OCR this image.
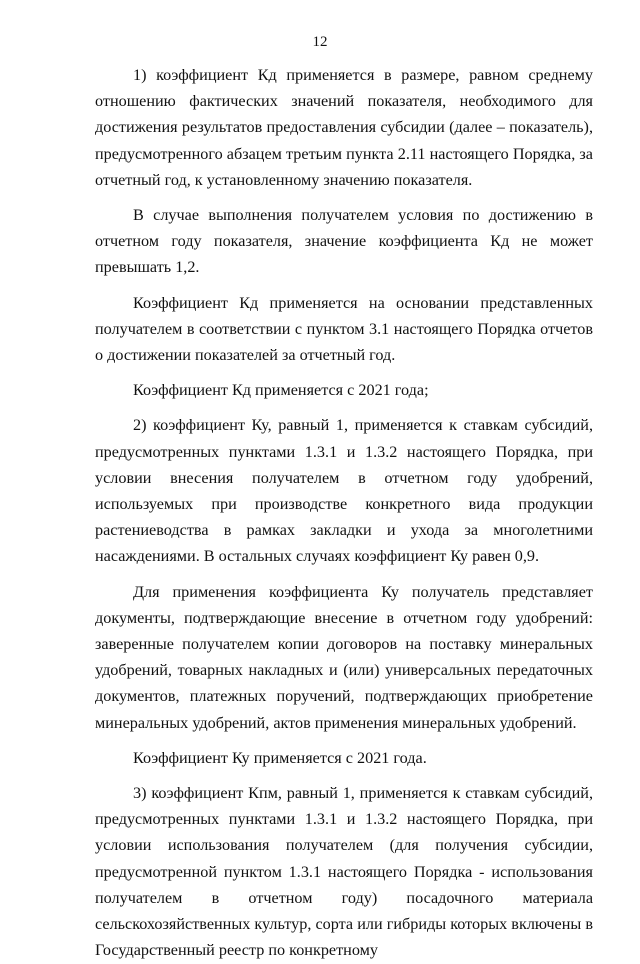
12

1) коэффициент Кд применяется в размере, равном среднему отношению фактических значений показателя, необходимого для достижения результатов предоставления субсидии (далее – показатель), предусмотренного абзацем третьим пункта 2.11 настоящего Порядка, за отчетный год, к установленному значению показателя.

В случае выполнения получателем условия по достижению в отчетном году показателя, значение коэффициента Кд не может превышать 1,2.

Коэффициент Кд применяется на основании представленных получателем в соответствии с пунктом 3.1 настоящего Порядка отчетов о достижении показателей за отчетный год.

Коэффициент Кд применяется с 2021 года;

2) коэффициент Ку, равный 1, применяется к ставкам субсидий, предусмотренных пунктами 1.3.1 и 1.3.2 настоящего Порядка, при условии внесения получателем в отчетном году удобрений, используемых при производстве конкретного вида продукции растениеводства в рамках закладки и ухода за многолетними насаждениями. В остальных случаях коэффициент Ку равен 0,9.

Для применения коэффициента Ку получатель представляет документы, подтверждающие внесение в отчетном году удобрений: заверенные получателем копии договоров на поставку минеральных удобрений, товарных накладных и (или) универсальных передаточных документов, платежных поручений, подтверждающих приобретение минеральных удобрений, актов применения минеральных удобрений.

Коэффициент Ку применяется с 2021 года.

3) коэффициент Кпм, равный 1, применяется к ставкам субсидий, предусмотренных пунктами 1.3.1 и 1.3.2 настоящего Порядка, при условии использования получателем (для получения субсидии, предусмотренной пунктом 1.3.1 настоящего Порядка - использования получателем в отчетном году) посадочного материала сельскохозяйственных культур, сорта или гибриды которых включены в Государственный реестр по конкретному
